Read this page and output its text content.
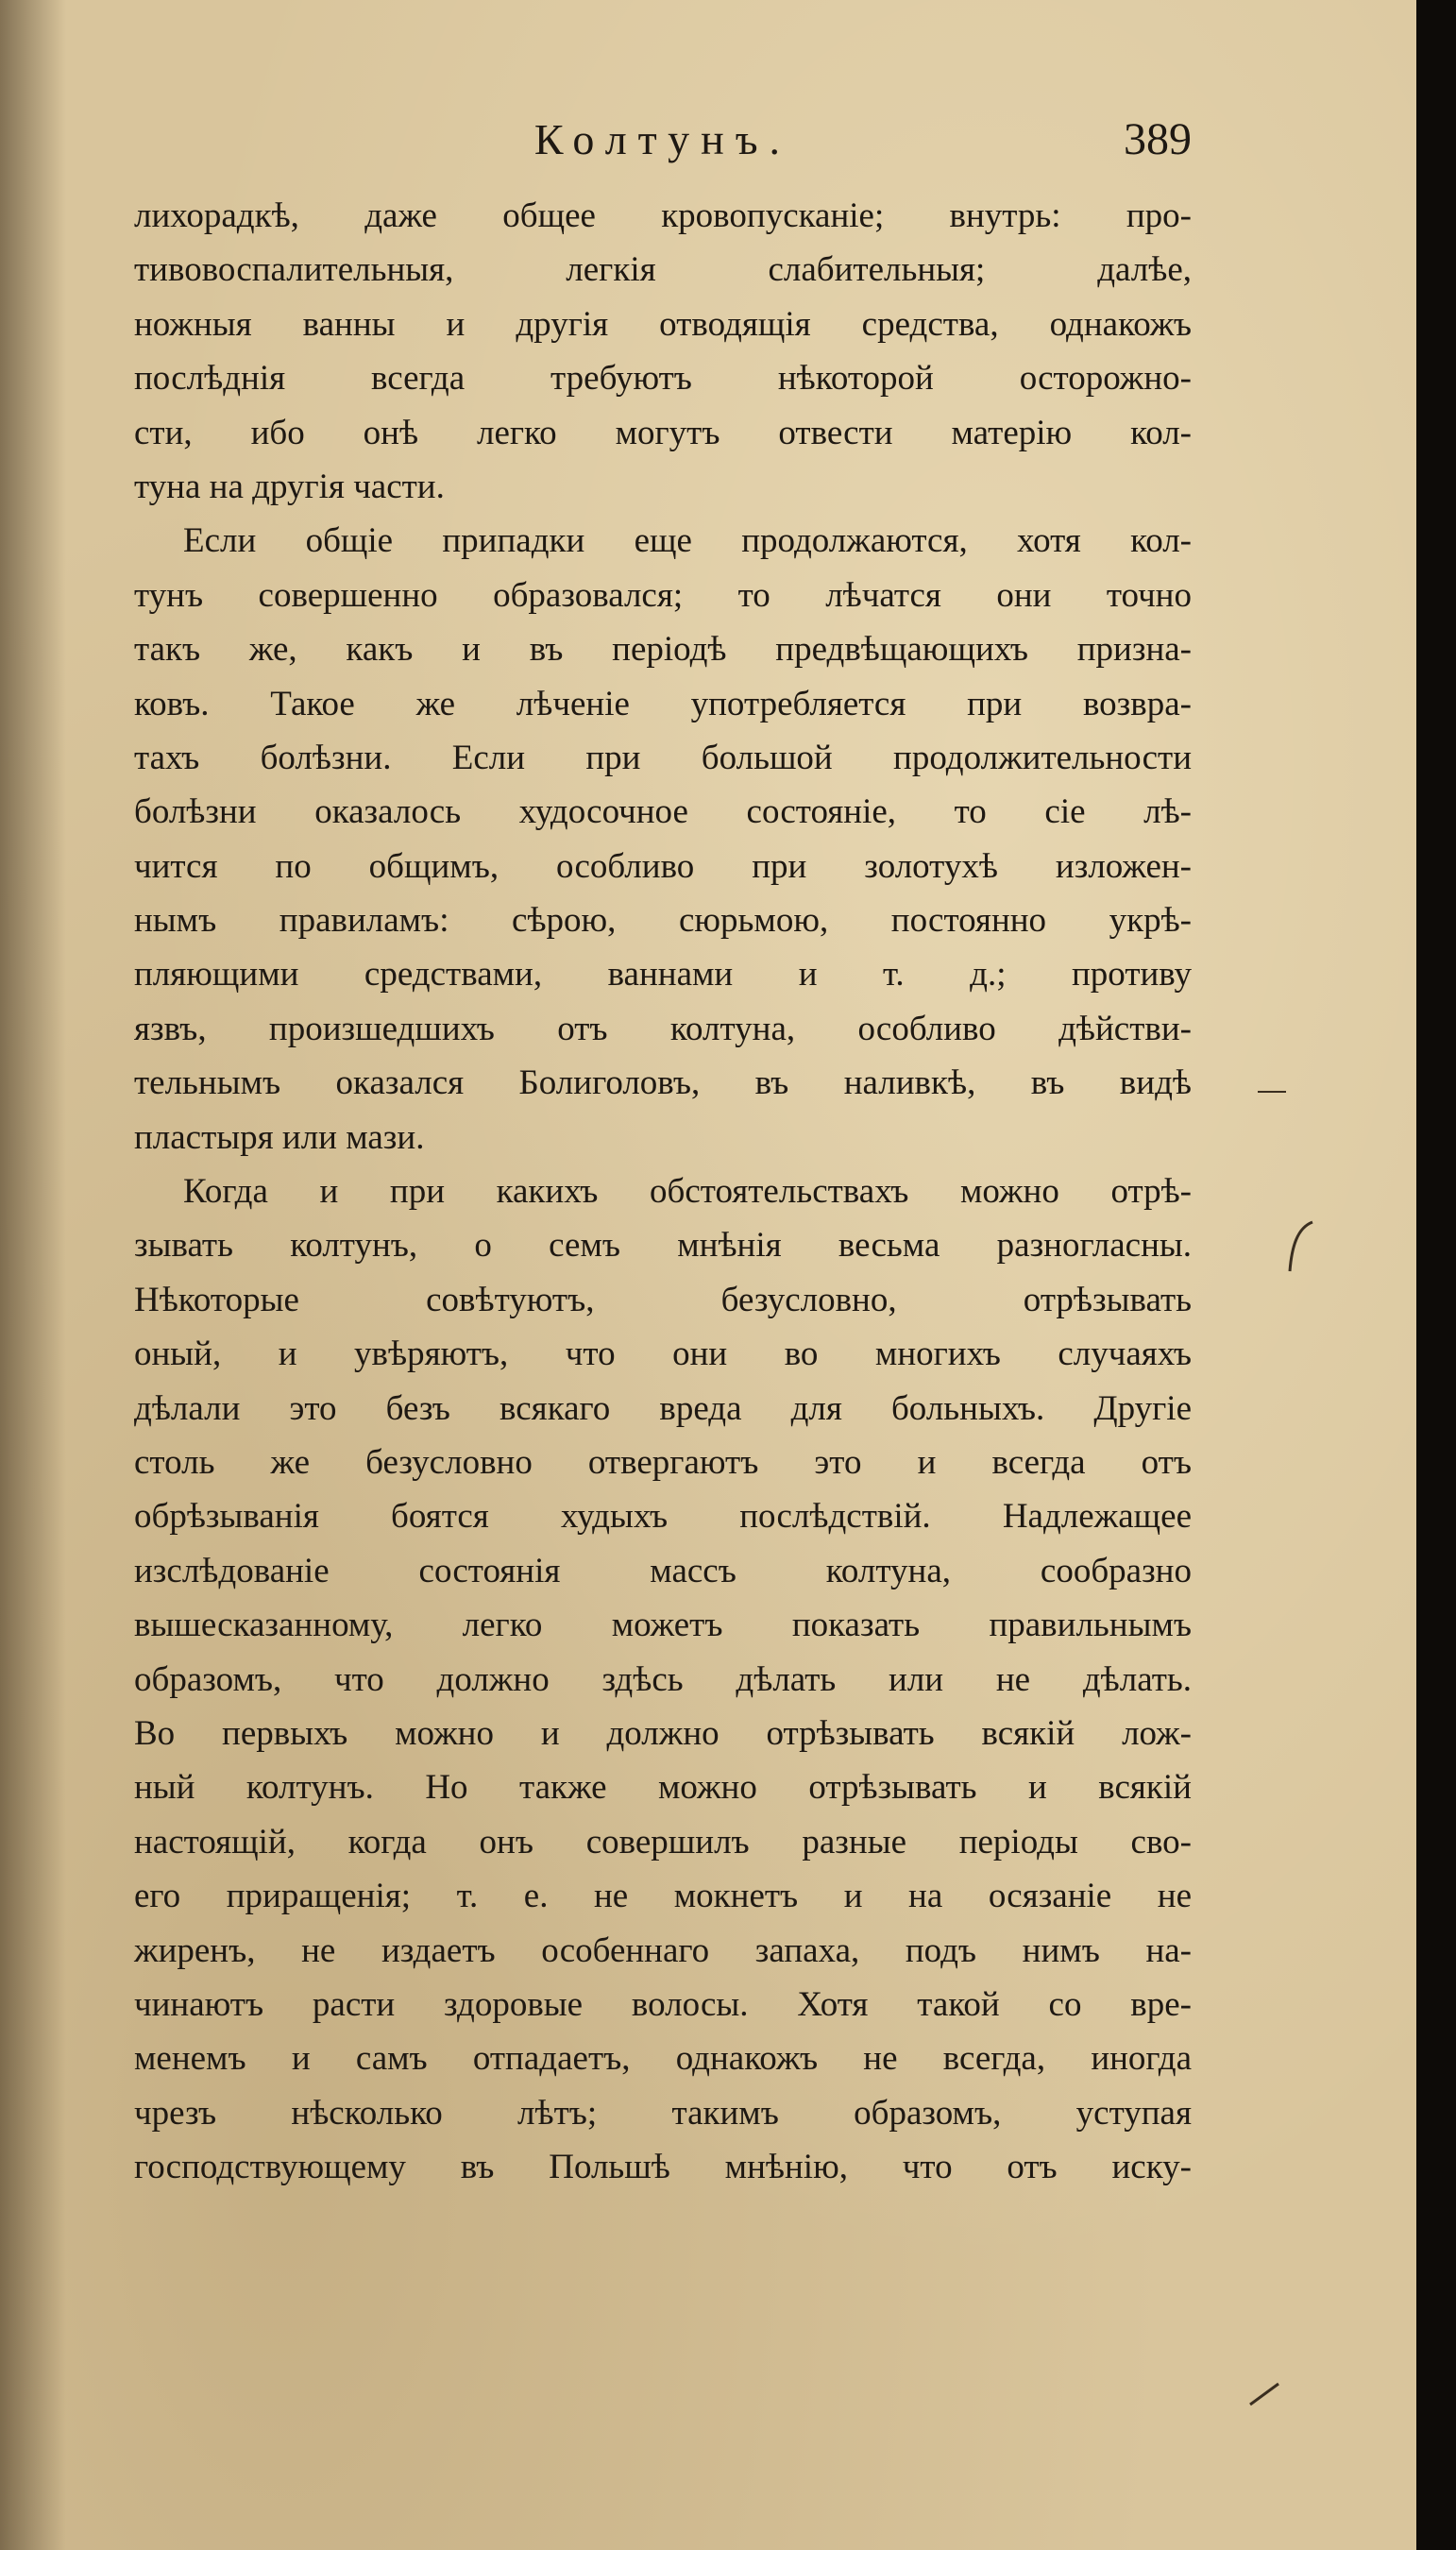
Колтунъ.	389
лихорадкѣ, даже общее кровопусканіе; внутрь: про-
тивовоспалительныя, легкія слабительныя; далѣе,
ножныя ванны и другія отводящія средства, однакожъ
послѣднія всегда требуютъ нѣкоторой осторожно-
сти, ибо онѣ легко могутъ отвести матерію кол-
туна на другія части.
Если общіе припадки еще продолжаются, хотя кол-
тунъ совершенно образовался; то лѣчатся они точно
такъ же, какъ и въ періодѣ предвѣщающихъ призна-
ковъ. Такое же лѣченіе употребляется при возвра-
тахъ болѣзни. Если при большой продолжительности
болѣзни оказалось худосочное состояніе, то сіе лѣ-
чится по общимъ, особливо при золотухѣ изложен-
нымъ правиламъ: сѣрою, сюрьмою, постоянно укрѣ-
пляющими средствами, ваннами и т. д.; противу
язвъ, произшедшихъ отъ колтуна, особливо дѣйстви-
тельнымъ оказался Болиголовъ, въ наливкѣ, въ видѣ
пластыря или мази.
Когда и при какихъ обстоятельствахъ можно отрѣ-
зывать колтунъ, о семъ мнѣнія весьма разногласны.
Нѣкоторые совѣтуютъ, безусловно, отрѣзывать
оный, и увѣряютъ, что они во многихъ случаяхъ
дѣлали это безъ всякаго вреда для больныхъ. Другіе
столь же безусловно отвергаютъ это и всегда отъ
обрѣзыванія боятся худыхъ послѣдствій. Надлежащее
изслѣдованіе состоянія массъ колтуна, сообразно
вышесказанному, легко можетъ показать правильнымъ
образомъ, что должно здѣсь дѣлать или не дѣлать.
Во первыхъ можно и должно отрѣзывать всякій лож-
ный колтунъ. Но также можно отрѣзывать и всякій
настоящій, когда онъ совершилъ разные періоды сво-
его приращенія; т. е. не мокнетъ и на осязаніе не
жиренъ, не издаетъ особеннаго запаха, подъ нимъ на-
чинаютъ расти здоровые волосы. Хотя такой со вре-
менемъ и самъ отпадаетъ, однакожъ не всегда, иногда
чрезъ нѣсколько лѣтъ; такимъ образомъ, уступая
господствующему въ Польшѣ мнѣнію, что отъ иску-
